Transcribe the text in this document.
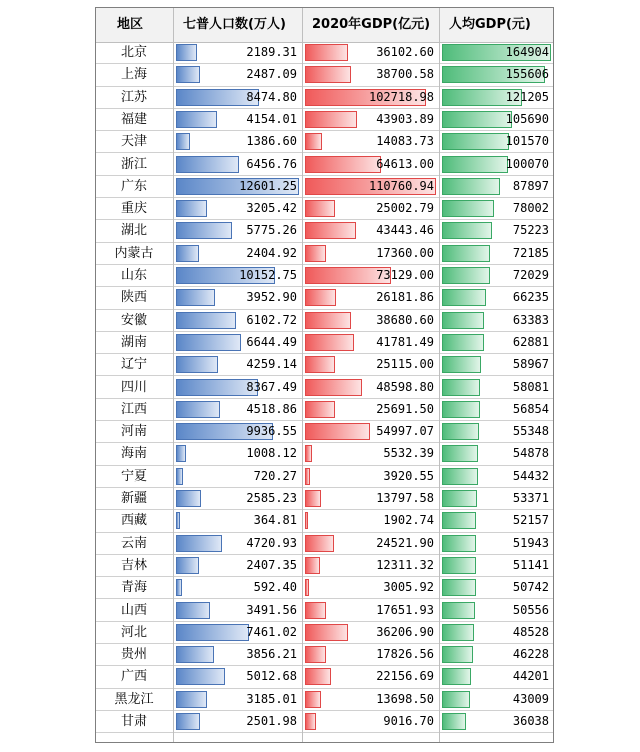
地区	七普人口数(万人)	2020年GDP(亿元)	人均GDP(元)
北京	2189.31	36102.60	164904
上海	2487.09	38700.58	155606
江苏	8474.80	102718.98	121205
福建	4154.01	43903.89	105690
天津	1386.60	14083.73	101570
浙江	6456.76	64613.00	100070
广东	12601.25	110760.94	87897
重庆	3205.42	25002.79	78002
湖北	5775.26	43443.46	75223
内蒙古	2404.92	17360.00	72185
山东	10152.75	73129.00	72029
陕西	3952.90	26181.86	66235
安徽	6102.72	38680.60	63383
湖南	6644.49	41781.49	62881
辽宁	4259.14	25115.00	58967
四川	8367.49	48598.80	58081
江西	4518.86	25691.50	56854
河南	9936.55	54997.07	55348
海南	1008.12	5532.39	54878
宁夏	720.27	3920.55	54432
新疆	2585.23	13797.58	53371
西藏	364.81	1902.74	52157
云南	4720.93	24521.90	51943
吉林	2407.35	12311.32	51141
青海	592.40	3005.92	50742
山西	3491.56	17651.93	50556
河北	7461.02	36206.90	48528
贵州	3856.21	17826.56	46228
广西	5012.68	22156.69	44201
黑龙江	3185.01	13698.50	43009
甘肃	2501.98	9016.70	36038
